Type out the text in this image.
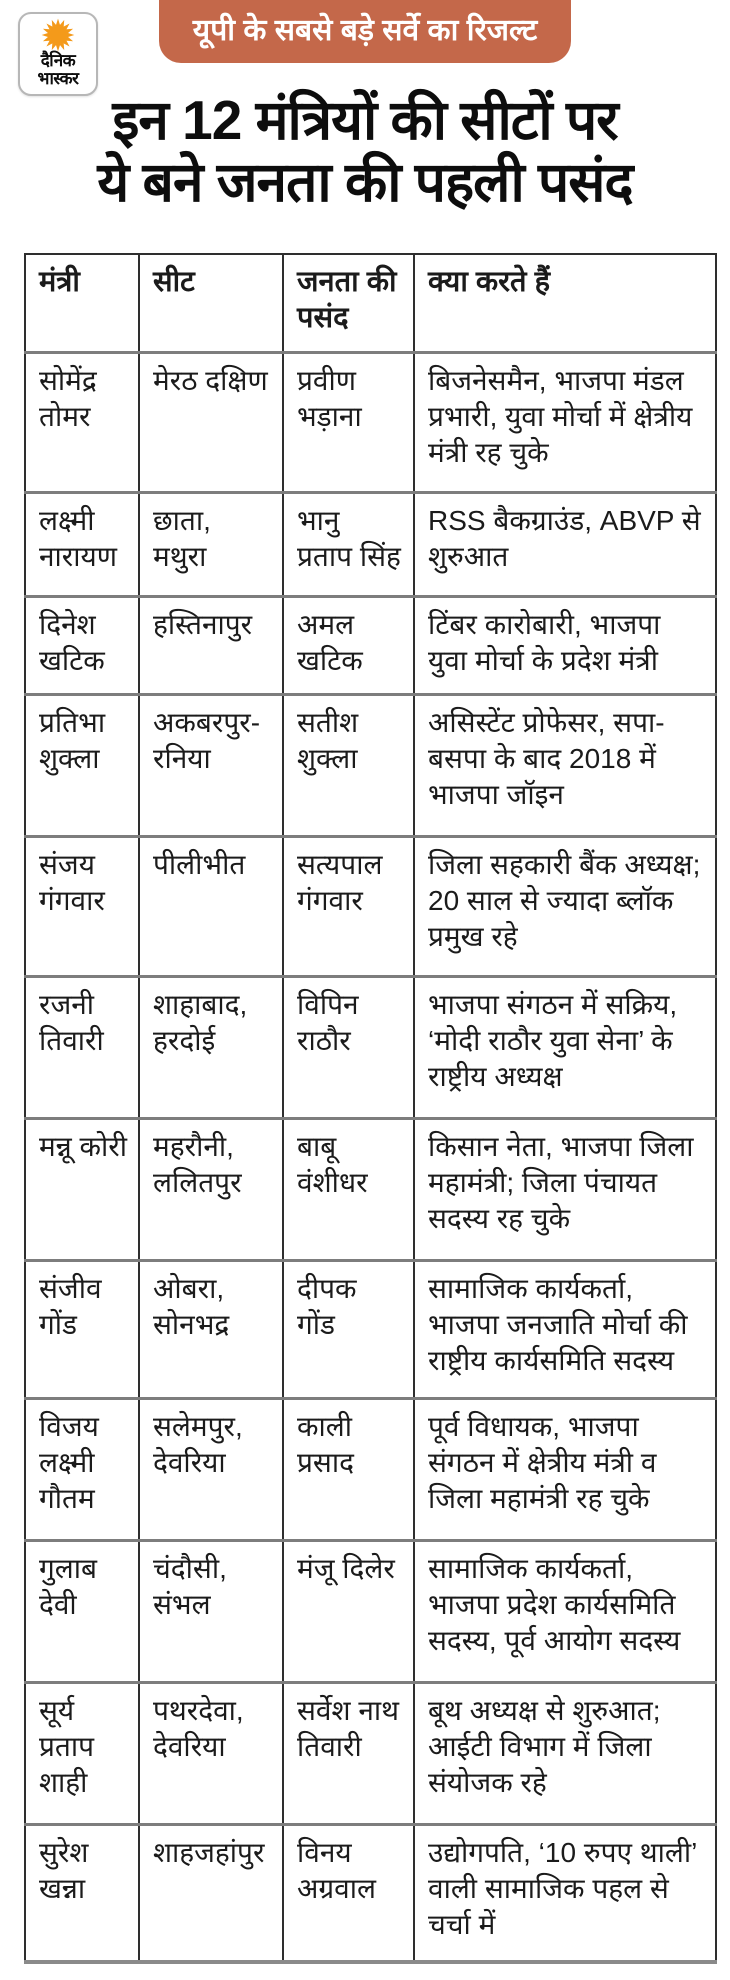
यूपी के सबसे बड़े सर्वे का रिजल्ट
दैनिक
भास्कर
इन 12 मंत्रियों की सीटों पर
ये बने जनता की पहली पसंद
मंत्री	सीट	जनता की पसंद	क्या करते हैं
सोमेंद्र तोमर	मेरठ दक्षिण	प्रवीण भड़ाना	बिजनेसमैन, भाजपा मंडल प्रभारी, युवा मोर्चा में क्षेत्रीय मंत्री रह चुके
लक्ष्मी नारायण	छाता, मथुरा	भानु प्रताप सिंह	RSS बैकग्राउंड, ABVP से शुरुआत
दिनेश खटिक	हस्तिनापुर	अमल खटिक	टिंबर कारोबारी, भाजपा युवा मोर्चा के प्रदेश मंत्री
प्रतिभा शुक्ला	अकबरपुर-रनिया	सतीश शुक्ला	असिस्टेंट प्रोफेसर, सपा-बसपा के बाद 2018 में भाजपा जॉइन
संजय गंगवार	पीलीभीत	सत्यपाल गंगवार	जिला सहकारी बैंक अध्यक्ष; 20 साल से ज्यादा ब्लॉक प्रमुख रहे
रजनी तिवारी	शाहाबाद, हरदोई	विपिन राठौर	भाजपा संगठन में सक्रिय, ‘मोदी राठौर युवा सेना’ के राष्ट्रीय अध्यक्ष
मन्नू कोरी	महरौनी, ललितपुर	बाबू वंशीधर	किसान नेता, भाजपा जिला महामंत्री; जिला पंचायत सदस्य रह चुके
संजीव गोंड	ओबरा, सोनभद्र	दीपक गोंड	सामाजिक कार्यकर्ता, भाजपा जनजाति मोर्चा की राष्ट्रीय कार्यसमिति सदस्य
विजय लक्ष्मी गौतम	सलेमपुर, देवरिया	काली प्रसाद	पूर्व विधायक, भाजपा संगठन में क्षेत्रीय मंत्री व जिला महामंत्री रह चुके
गुलाब देवी	चंदौसी, संभल	मंजू दिलेर	सामाजिक कार्यकर्ता, भाजपा प्रदेश कार्यसमिति सदस्य, पूर्व आयोग सदस्य
सूर्य प्रताप शाही	पथरदेवा, देवरिया	सर्वेश नाथ तिवारी	बूथ अध्यक्ष से शुरुआत; आईटी विभाग में जिला संयोजक रहे
सुरेश खन्ना	शाहजहांपुर	विनय अग्रवाल	उद्योगपति, ‘10 रुपए थाली’ वाली सामाजिक पहल से चर्चा में
